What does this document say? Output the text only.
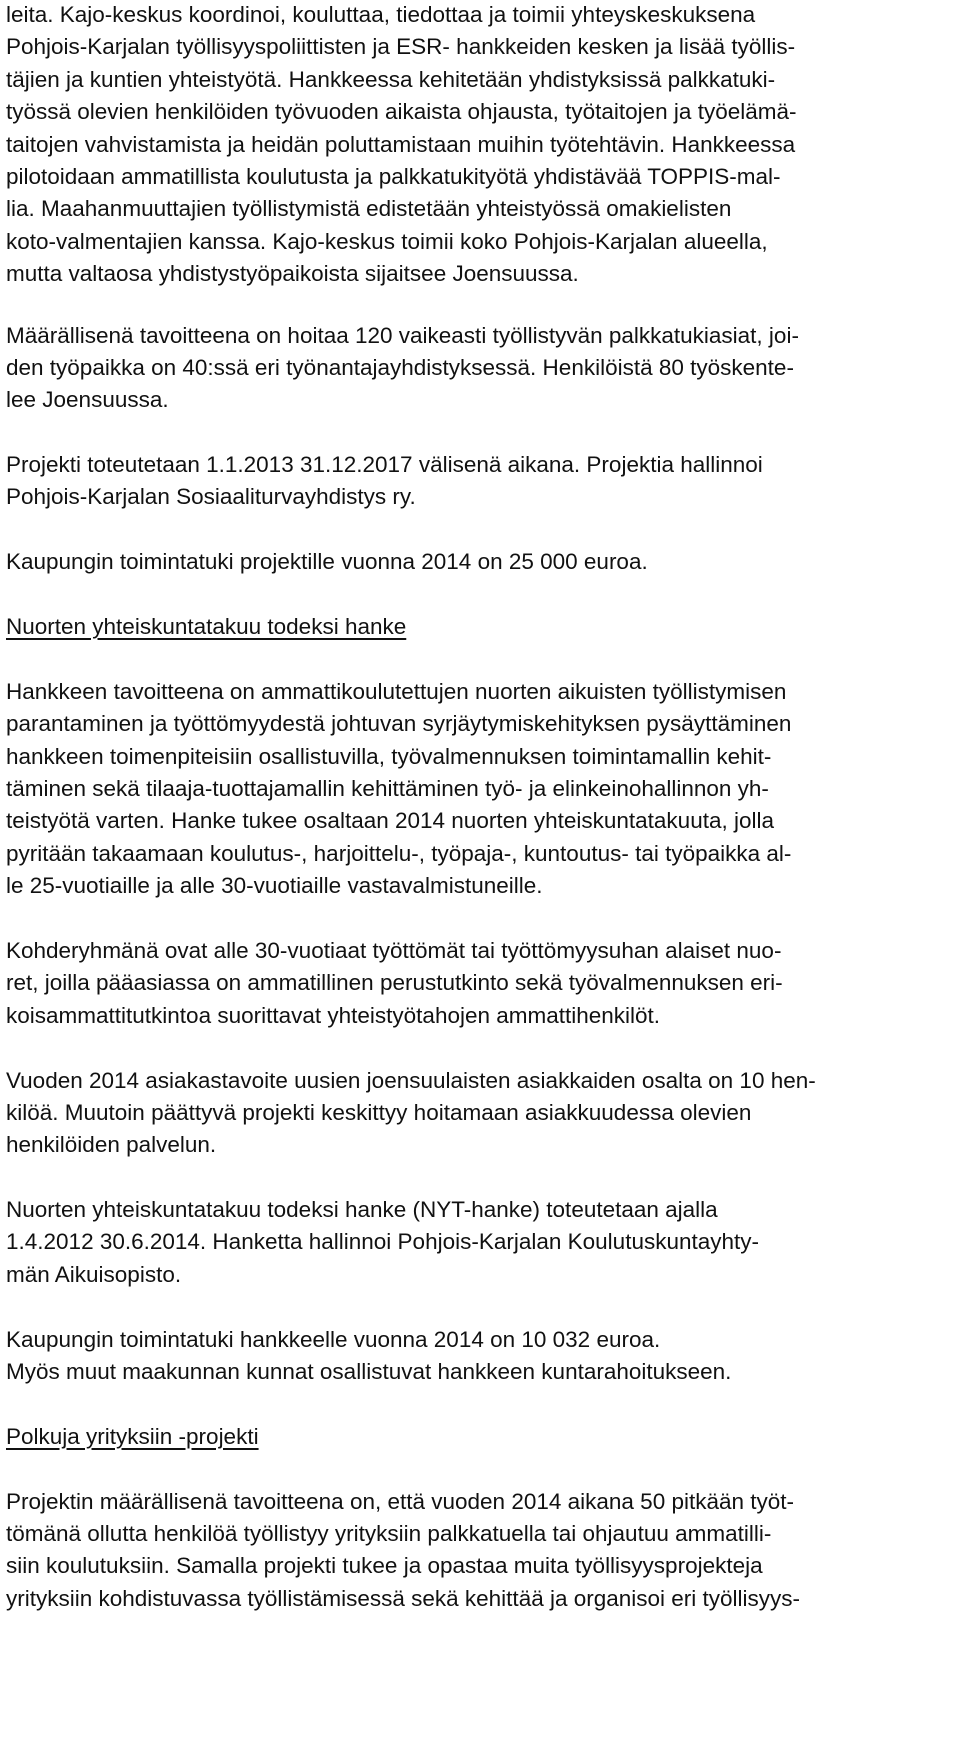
leita. Kajo-keskus koordinoi, kouluttaa, tiedottaa ja toimii yhteyskeskuksena
Pohjois-Karjalan työllisyyspoliittisten ja ESR- hankkeiden kesken ja lisää työllis-
täjien ja kuntien yhteistyötä. Hankkeessa kehitetään yhdistyksissä palkkatuki-
työssä olevien henkilöiden työvuoden aikaista ohjausta, työtaitojen ja työelämä-
taitojen vahvistamista ja heidän poluttamistaan muihin työtehtävin. Hankkeessa
pilotoidaan ammatillista koulutusta ja palkkatukityötä yhdistävää TOPPIS-mal-
lia. Maahanmuuttajien työllistymistä edistetään yhteistyössä omakielisten
koto-valmentajien kanssa. Kajo-keskus toimii koko Pohjois-Karjalan alueella,
mutta valtaosa yhdistystyöpaikoista sijaitsee Joensuussa.
Määrällisenä tavoitteena on hoitaa 120 vaikeasti työllistyvän palkkatukiasiat, joi-
den työpaikka on 40:ssä eri työnantajayhdistyksessä. Henkilöistä 80 työskente-
lee Joensuussa.
Projekti toteutetaan 1.1.2013 31.12.2017 välisenä aikana. Projektia hallinnoi
Pohjois-Karjalan Sosiaaliturvayhdistys ry.
Kaupungin toimintatuki projektille vuonna 2014 on 25 000 euroa.
Nuorten yhteiskuntatakuu todeksi hanke
Hankkeen tavoitteena on ammattikoulutettujen nuorten aikuisten työllistymisen
parantaminen ja työttömyydestä johtuvan syrjäytymiskehityksen pysäyttäminen
hankkeen toimenpiteisiin osallistuvilla, työvalmennuksen toimintamallin kehit-
täminen sekä tilaaja-tuottajamallin kehittäminen työ- ja elinkeinohallinnon yh-
teistyötä varten. Hanke tukee osaltaan 2014 nuorten yhteiskuntatakuuta, jolla
pyritään takaamaan koulutus-, harjoittelu-, työpaja-, kuntoutus- tai työpaikka al-
le 25-vuotiaille ja alle 30-vuotiaille vastavalmistuneille.
Kohderyhmänä ovat alle 30-vuotiaat työttömät tai työttömyysuhan alaiset nuo-
ret, joilla pääasiassa on ammatillinen perustutkinto sekä työvalmennuksen eri-
koisammattitutkintoa suorittavat yhteistyötahojen ammattihenkilöt.
Vuoden 2014 asiakastavoite uusien joensuulaisten asiakkaiden osalta on 10 hen-
kilöä. Muutoin päättyvä projekti keskittyy hoitamaan asiakkuudessa olevien
henkilöiden palvelun.
Nuorten yhteiskuntatakuu todeksi hanke (NYT-hanke) toteutetaan ajalla
1.4.2012 30.6.2014. Hanketta hallinnoi Pohjois-Karjalan Koulutuskuntayhty-
män Aikuisopisto.
Kaupungin toimintatuki hankkeelle vuonna 2014 on 10 032 euroa.
Myös muut maakunnan kunnat osallistuvat hankkeen kuntarahoitukseen.
Polkuja yrityksiin -projekti
Projektin määrällisenä tavoitteena on, että vuoden 2014 aikana 50 pitkään työt-
tömänä ollutta henkilöä työllistyy yrityksiin palkkatuella tai ohjautuu ammatilli-
siin koulutuksiin. Samalla projekti tukee ja opastaa muita työllisyysprojekteja
yrityksiin kohdistuvassa työllistämisessä sekä kehittää ja organisoi eri työllisyys-
